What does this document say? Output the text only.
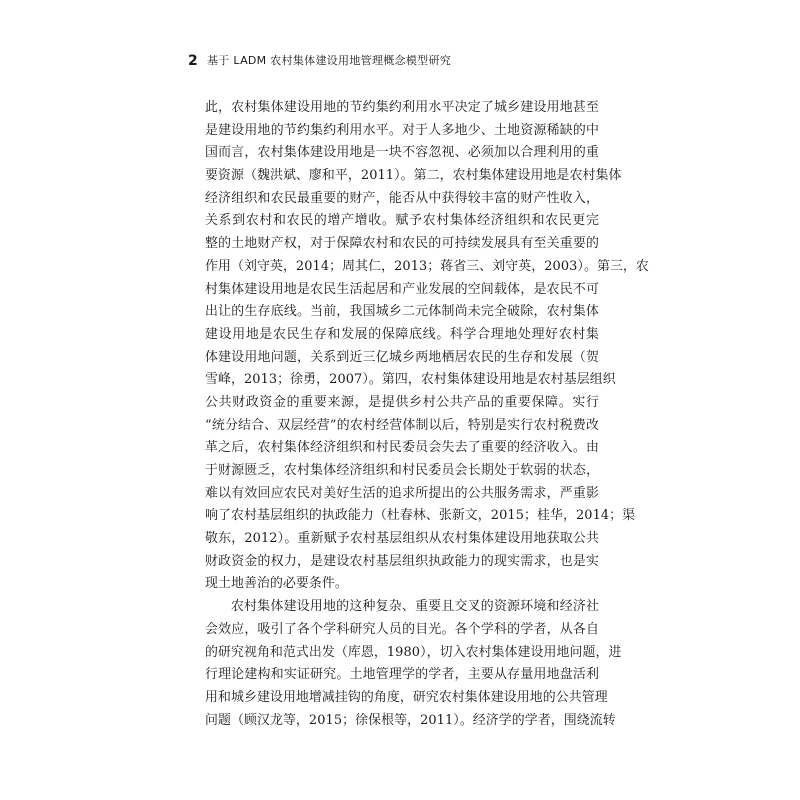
2 基于 LADM 农村集体建设用地管理概念模型研究
此，农村集体建设用地的节约集约利用水平决定了城乡建设用地甚至
是建设用地的节约集约利用水平。对于人多地少、土地资源稀缺的中
国而言，农村集体建设用地是一块不容忽视、必须加以合理利用的重
要资源（魏洪斌、廖和平，2011）。第二，农村集体建设用地是农村集体
经济组织和农民最重要的财产，能否从中获得较丰富的财产性收入，
关系到农村和农民的增产增收。赋予农村集体经济组织和农民更完
整的土地财产权，对于保障农村和农民的可持续发展具有至关重要的
作用（刘守英，2014；周其仁，2013；蒋省三、刘守英，2003）。第三，农
村集体建设用地是农民生活起居和产业发展的空间载体，是农民不可
出让的生存底线。当前，我国城乡二元体制尚未完全破除，农村集体
建设用地是农民生存和发展的保障底线。科学合理地处理好农村集
体建设用地问题，关系到近三亿城乡两地栖居农民的生存和发展（贺
雪峰，2013；徐勇，2007）。第四，农村集体建设用地是农村基层组织
公共财政资金的重要来源，是提供乡村公共产品的重要保障。实行
“统分结合、双层经营”的农村经营体制以后，特别是实行农村税费改
革之后，农村集体经济组织和村民委员会失去了重要的经济收入。由
于财源匮乏，农村集体经济组织和村民委员会长期处于软弱的状态，
难以有效回应农民对美好生活的追求所提出的公共服务需求，严重影
响了农村基层组织的执政能力（杜春林、张新文，2015；桂华，2014；渠
敬东，2012）。重新赋予农村基层组织从农村集体建设用地获取公共
财政资金的权力，是建设农村基层组织执政能力的现实需求，也是实
现土地善治的必要条件。
农村集体建设用地的这种复杂、重要且交叉的资源环境和经济社
会效应，吸引了各个学科研究人员的目光。各个学科的学者，从各自
的研究视角和范式出发（库恩，1980），切入农村集体建设用地问题，进
行理论建构和实证研究。土地管理学的学者，主要从存量用地盘活利
用和城乡建设用地增减挂钩的角度，研究农村集体建设用地的公共管理
问题（顾汉龙等，2015；徐保根等，2011）。经济学的学者，围绕流转
